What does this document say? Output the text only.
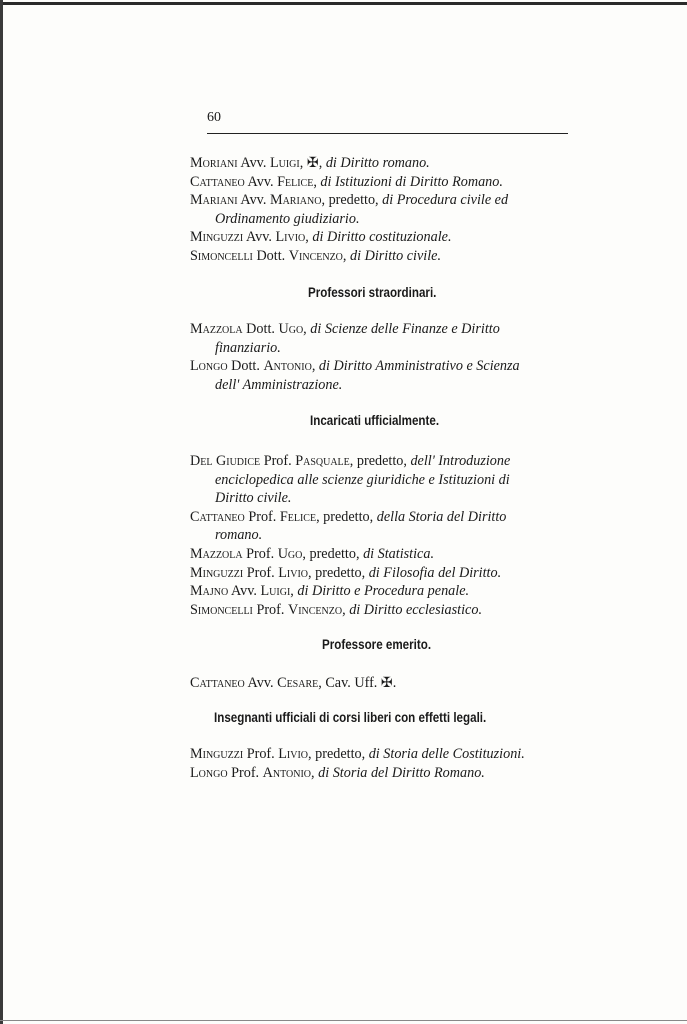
60
Moriani Avv. Luigi, ✠, di Diritto romano.
Cattaneo Avv. Felice, di Istituzioni di Diritto Romano.
Mariani Avv. Mariano, predetto, di Procedura civile ed
Ordinamento giudiziario.
Minguzzi Avv. Livio, di Diritto costituzionale.
Simoncelli Dott. Vincenzo, di Diritto civile.
Professori straordinari.
Mazzola Dott. Ugo, di Scienze delle Finanze e Diritto
finanziario.
Longo Dott. Antonio, di Diritto Amministrativo e Scienza
dell' Amministrazione.
Incaricati ufficialmente.
Del Giudice Prof. Pasquale, predetto, dell' Introduzione
enciclopedica alle scienze giuridiche e Istituzioni di
Diritto civile.
Cattaneo Prof. Felice, predetto, della Storia del Diritto
romano.
Mazzola Prof. Ugo, predetto, di Statistica.
Minguzzi Prof. Livio, predetto, di Filosofia del Diritto.
Majno Avv. Luigi, di Diritto e Procedura penale.
Simoncelli Prof. Vincenzo, di Diritto ecclesiastico.
Professore emerito.
Cattaneo Avv. Cesare, Cav. Uff. ✠.
Insegnanti ufficiali di corsi liberi con effetti legali.
Minguzzi Prof. Livio, predetto, di Storia delle Costituzioni.
Longo Prof. Antonio, di Storia del Diritto Romano.
